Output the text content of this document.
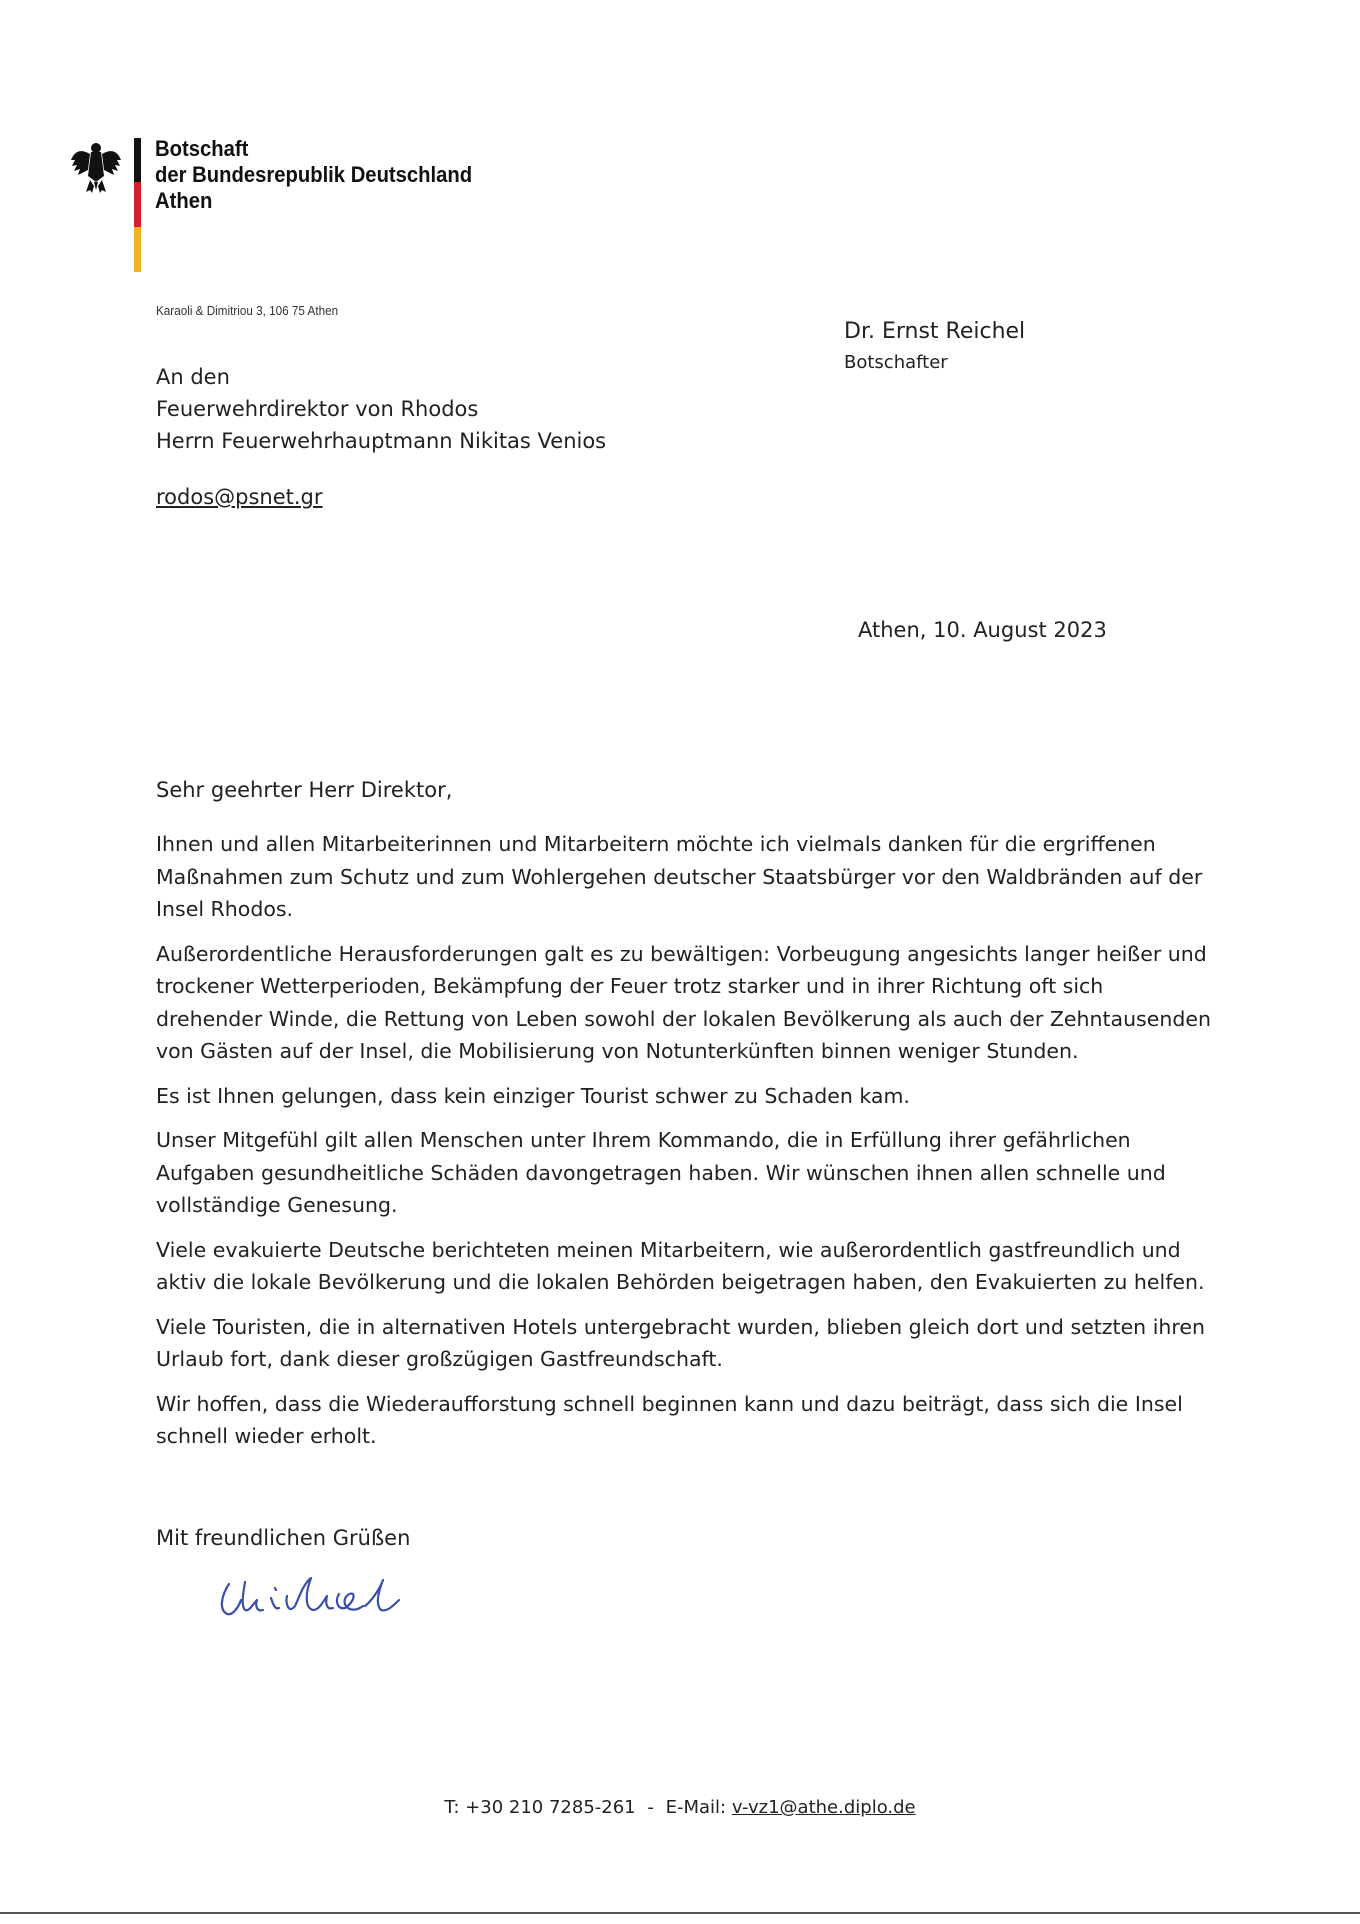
Botschaft
der Bundesrepublik Deutschland
Athen
Karaoli & Dimitriou 3, 106 75 Athen
Dr. Ernst Reichel
Botschafter
An den
Feuerwehrdirektor von Rhodos
Herrn Feuerwehrhauptmann Nikitas Venios
rodos@psnet.gr
Athen, 10. August 2023
Sehr geehrter Herr Direktor,

Ihnen und allen Mitarbeiterinnen und Mitarbeitern möchte ich vielmals danken für die ergriffenen Maßnahmen zum Schutz und zum Wohlergehen deutscher Staatsbürger vor den Waldbränden auf der Insel Rhodos.

Außerordentliche Herausforderungen galt es zu bewältigen: Vorbeugung angesichts langer heißer und trockener Wetterperioden, Bekämpfung der Feuer trotz starker und in ihrer Richtung oft sich drehender Winde, die Rettung von Leben sowohl der lokalen Bevölkerung als auch der Zehntausenden von Gästen auf der Insel, die Mobilisierung von Notunterkünften binnen weniger Stunden.

Es ist Ihnen gelungen, dass kein einziger Tourist schwer zu Schaden kam.

Unser Mitgefühl gilt allen Menschen unter Ihrem Kommando, die in Erfüllung ihrer gefährlichen Aufgaben gesundheitliche Schäden davongetragen haben. Wir wünschen ihnen allen schnelle und vollständige Genesung.

Viele evakuierte Deutsche berichteten meinen Mitarbeitern, wie außerordentlich gastfreundlich und aktiv die lokale Bevölkerung und die lokalen Behörden beigetragen haben, den Evakuierten zu helfen.

Viele Touristen, die in alternativen Hotels untergebracht wurden, blieben gleich dort und setzten ihren Urlaub fort, dank dieser großzügigen Gastfreundschaft.

Wir hoffen, dass die Wiederaufforstung schnell beginnen kann und dazu beiträgt, dass sich die Insel schnell wieder erholt.

Mit freundlichen Grüßen
T: +30 210 7285-261 - E-Mail: v-vz1@athe.diplo.de
